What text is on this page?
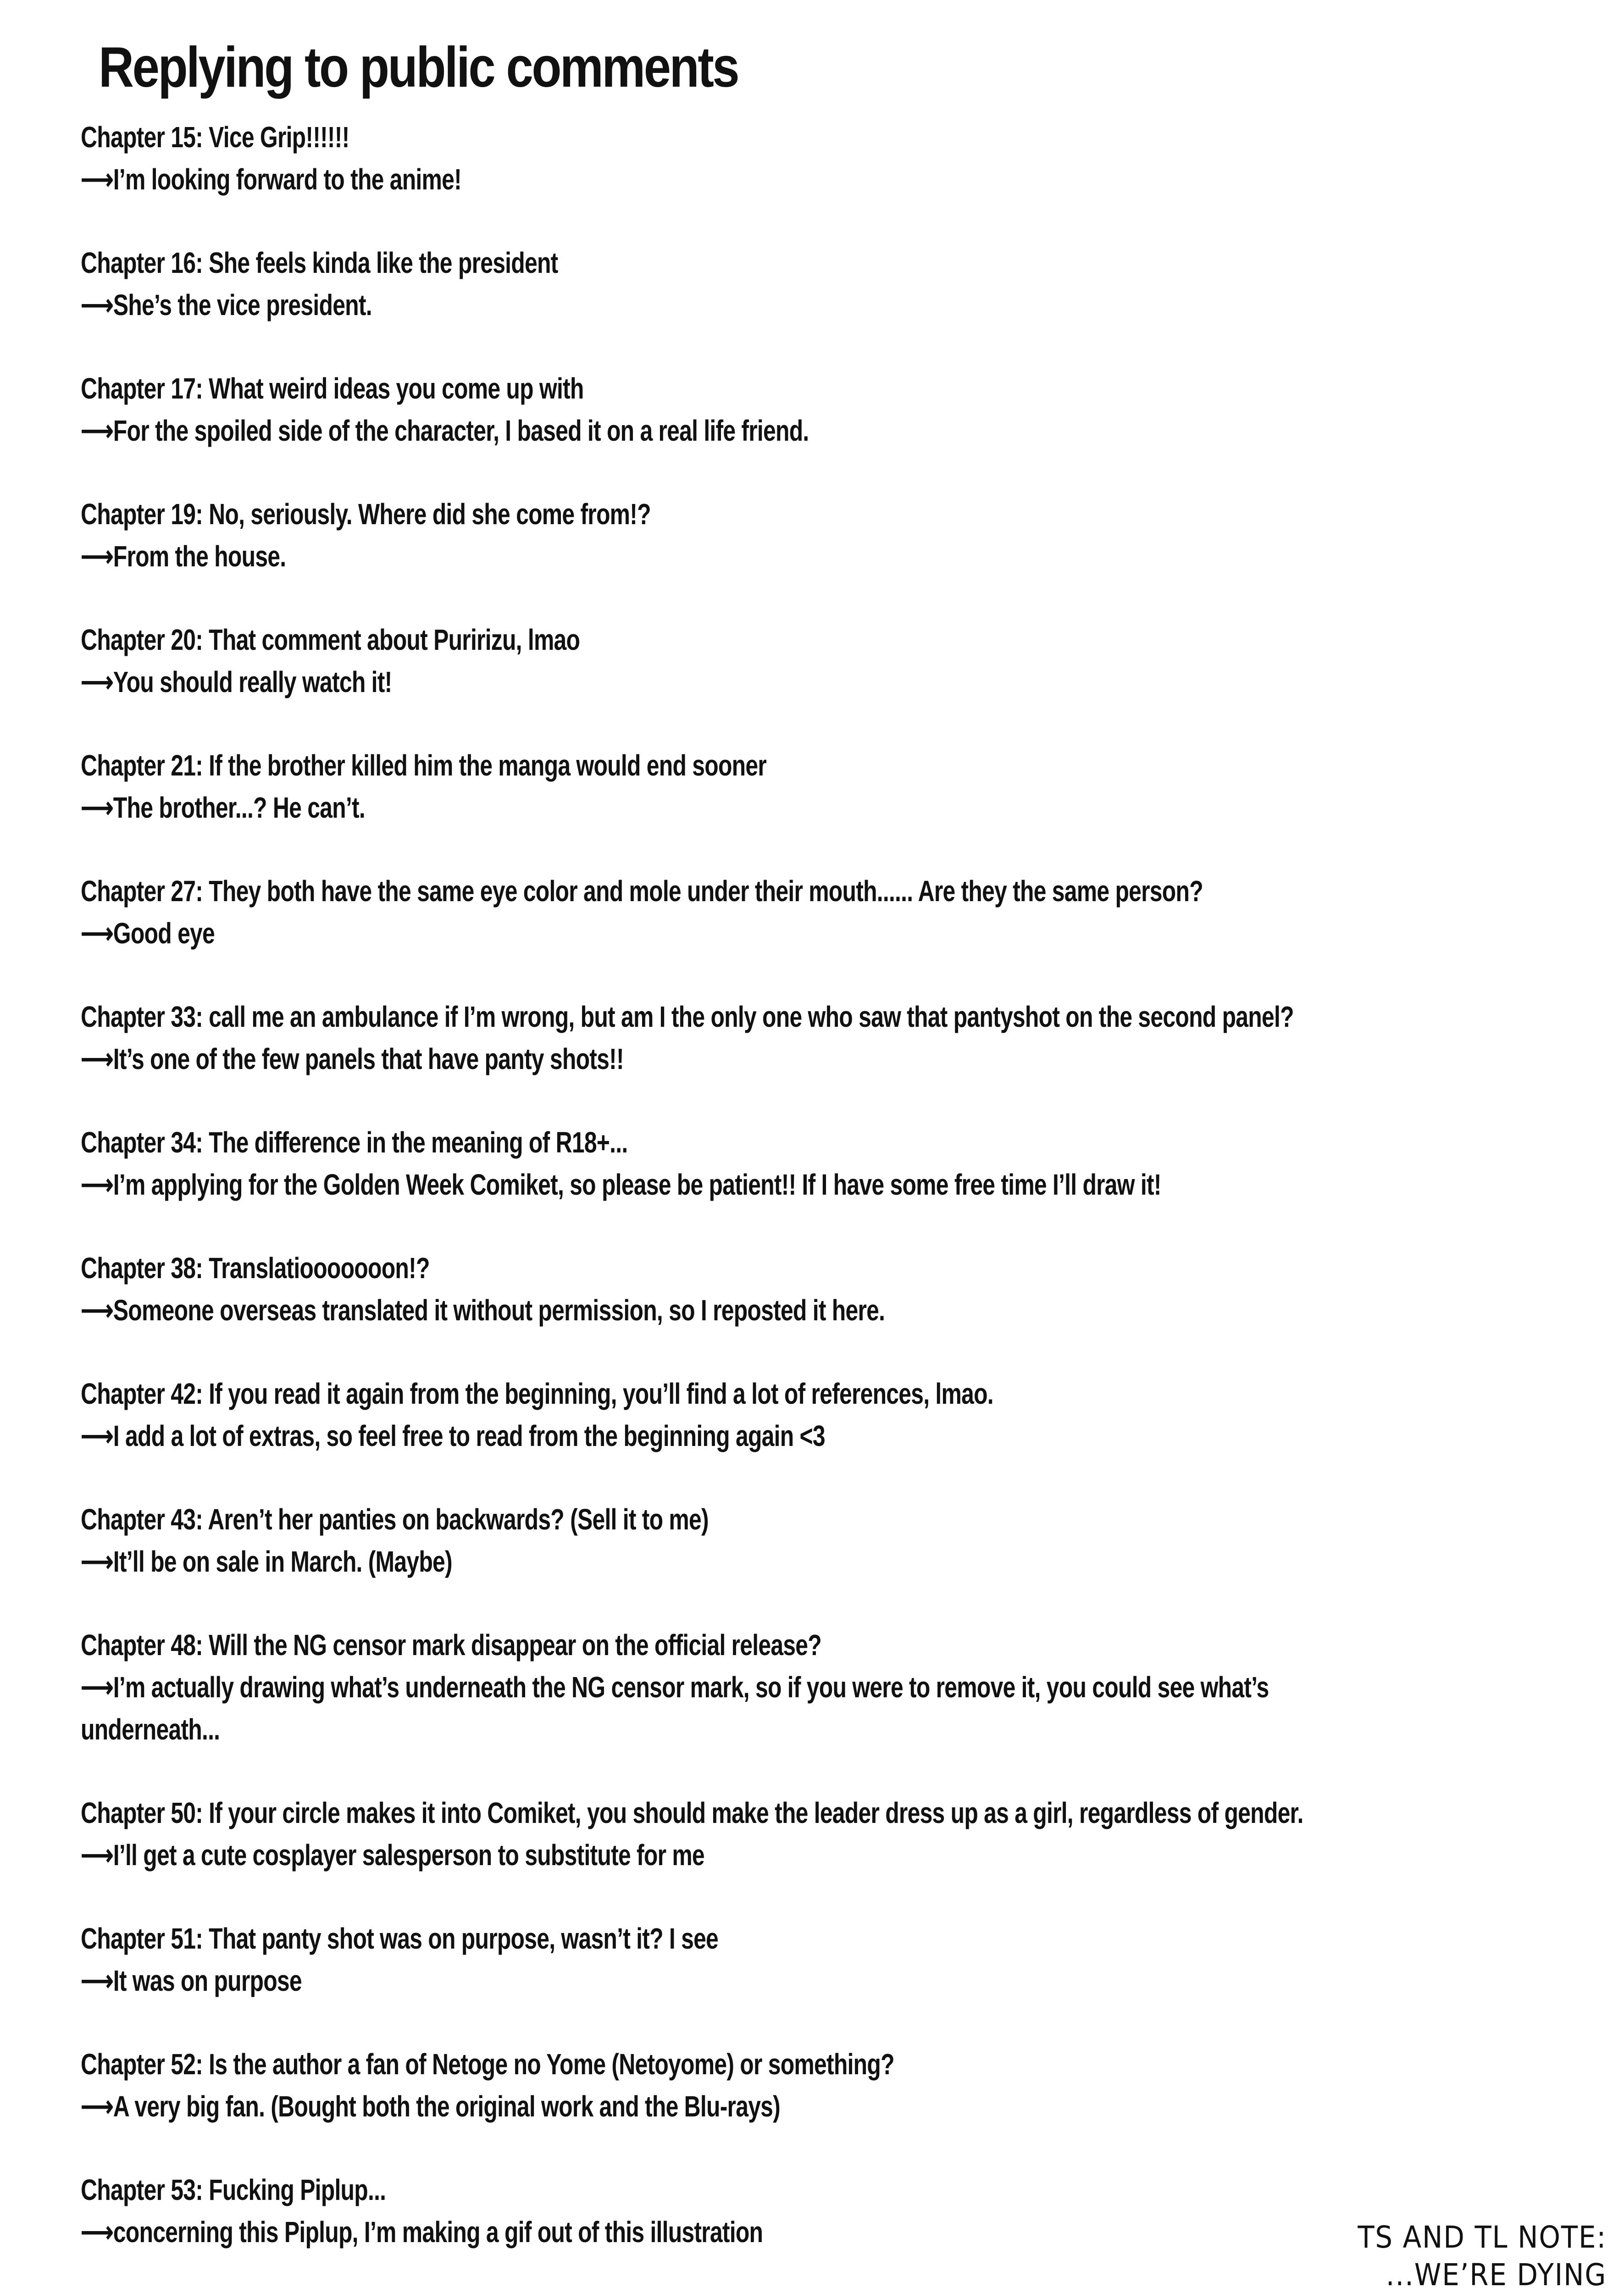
Replying to public comments
Chapter 15: Vice Grip!!!!!!
⟶I’m looking forward to the anime!
Chapter 16: She feels kinda like the president
⟶She’s the vice president.
Chapter 17: What weird ideas you come up with
⟶For the spoiled side of the character, I based it on a real life friend.
Chapter 19: No, seriously. Where did she come from!?
⟶From the house.
Chapter 20: That comment about Puririzu, lmao
⟶You should really watch it!
Chapter 21: If the brother killed him the manga would end sooner
⟶The brother...? He can’t.
Chapter 27: They both have the same eye color and mole under their mouth...... Are they the same person?
⟶Good eye
Chapter 33: call me an ambulance if I’m wrong, but am I the only one who saw that pantyshot on the second panel?
⟶It’s one of the few panels that have panty shots!!
Chapter 34: The difference in the meaning of R18+...
⟶I’m applying for the Golden Week Comiket, so please be patient!! If I have some free time I’ll draw it!
Chapter 38: Translatiooooooon!?
⟶Someone overseas translated it without permission, so I reposted it here.
Chapter 42: If you read it again from the beginning, you’ll find a lot of references, lmao.
⟶I add a lot of extras, so feel free to read from the beginning again <3
Chapter 43: Aren’t her panties on backwards? (Sell it to me)
⟶It’ll be on sale in March. (Maybe)
Chapter 48: Will the NG censor mark disappear on the official release?
⟶I’m actually drawing what’s underneath the NG censor mark, so if you were to remove it, you could see what’s underneath...
Chapter 50: If your circle makes it into Comiket, you should make the leader dress up as a girl, regardless of gender.
⟶I’ll get a cute cosplayer salesperson to substitute for me
Chapter 51: That panty shot was on purpose, wasn’t it? I see
⟶It was on purpose
Chapter 52: Is the author a fan of Netoge no Yome (Netoyome) or something?
⟶A very big fan. (Bought both the original work and the Blu-rays)
Chapter 53: Fucking Piplup...
⟶concerning this Piplup, I’m making a gif out of this illustration	TS AND TL NOTE:
...WE’RE DYING
